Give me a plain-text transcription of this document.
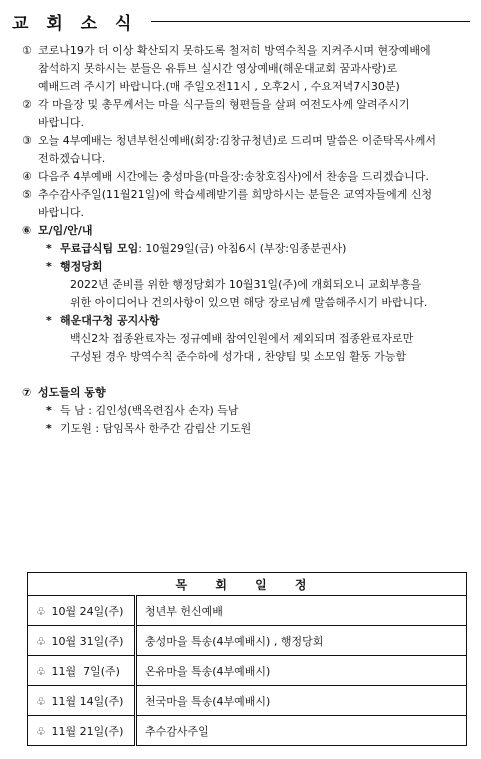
교 회 소 식
① 코로나19가 더 이상 확산되지 못하도록 철저히 방역수칙을 지켜주시며 현장예배에
참석하지 못하시는 분들은 유튜브 실시간 영상예배(해운대교회 꿈과사랑)로
예배드려 주시기 바랍니다.(매 주일오전11시 , 오후2시 , 수요저녁7시30분)
② 각 마을장 및 총무께서는 마을 식구들의 형편들을 살펴 여전도사께 알려주시기
바랍니다.
③ 오늘 4부예배는 청년부헌신예배(회장:김창규청년)로 드리며 말씀은 이준탁목사께서
전하겠습니다.
④ 다음주 4부예배 시간에는 충성마을(마을장:송창호집사)에서 찬송을 드리겠습니다.
⑤ 추수감사주일(11월21일)에 학습세례받기를 희망하시는 분들은 교역자들에게 신청
바랍니다.
⑥ 모/임/안/내
* 무료급식팀 모임 : 10월29일(금) 아침6시 (부장:임종분권사)
* 행정당회
2022년 준비를 위한 행정당회가 10월31일(주)에 개회되오니 교회부흥을
위한 아이디어나 건의사항이 있으면 해당 장로님께 말씀해주시기 바랍니다.
* 해운대구청 공지사항
백신2차 접종완료자는 정규예배 참여인원에서 제외되며 접종완료자로만
구성된 경우 방역수칙 준수하에 성가대 , 찬양팀 및 소모임 활동 가능함
⑦ 성도들의 동향
* 득 남 : 김인성(백옥련집사 손자) 득남
* 기도원 : 담임목사 한주간 감림산 기도원
목 회 일 정	
♧ 10월 24일(주)	청년부 헌신예배
♧ 10월 31일(주)	충성마을 특송(4부예배시) , 행정당회
♧ 11월  7일(주)	온유마을 특송(4부예배시)
♧ 11월 14일(주)	천국마을 특송(4부예배시)
♧ 11월 21일(주)	추수감사주일
